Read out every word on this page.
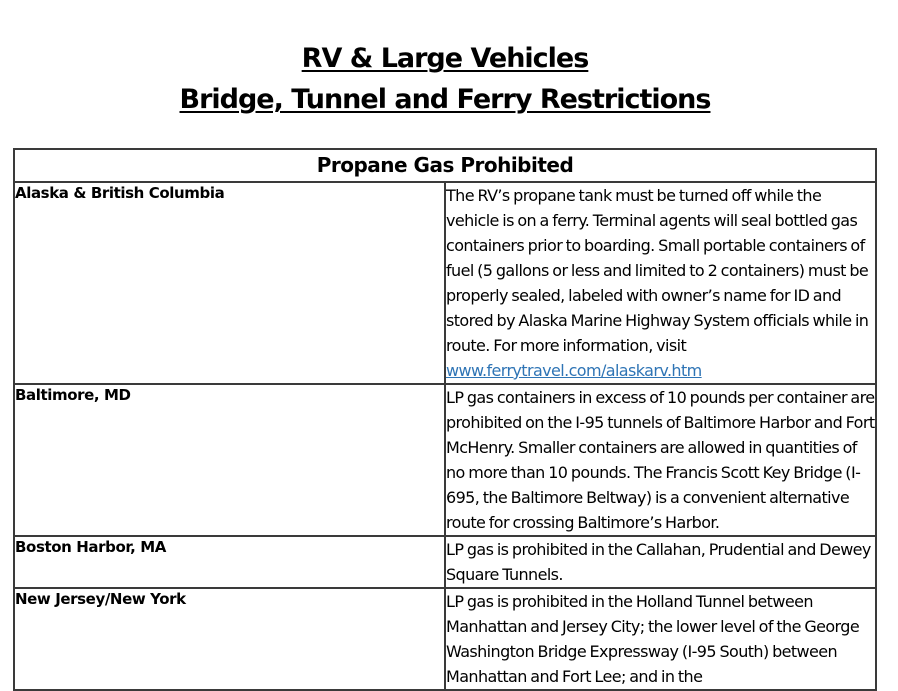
RV & Large Vehicles
Bridge, Tunnel and Ferry Restrictions
Propane Gas Prohibited	
Alaska & British Columbia	The RV’s propane tank must be turned off while the vehicle is on a ferry. Terminal agents will seal bottled gas containers prior to boarding. Small portable containers of fuel (5 gallons or less and limited to 2 containers) must be properly sealed, labeled with owner’s name for ID and stored by Alaska Marine Highway System officials while in route. For more information, visit
www.ferrytravel.com/alaskarv.htm
Baltimore, MD	LP gas containers in excess of 10 pounds per container are prohibited on the I-95 tunnels of Baltimore Harbor and Fort McHenry. Smaller containers are allowed in quantities of no more than 10 pounds. The Francis Scott Key Bridge (I-695, the Baltimore Beltway) is a convenient alternative route for crossing Baltimore’s Harbor.
Boston Harbor, MA	LP gas is prohibited in the Callahan, Prudential and Dewey Square Tunnels.
New Jersey/New York	LP gas is prohibited in the Holland Tunnel between Manhattan and Jersey City; the lower level of the George Washington Bridge Expressway (I-95 South) between Manhattan and Fort Lee; and in the
